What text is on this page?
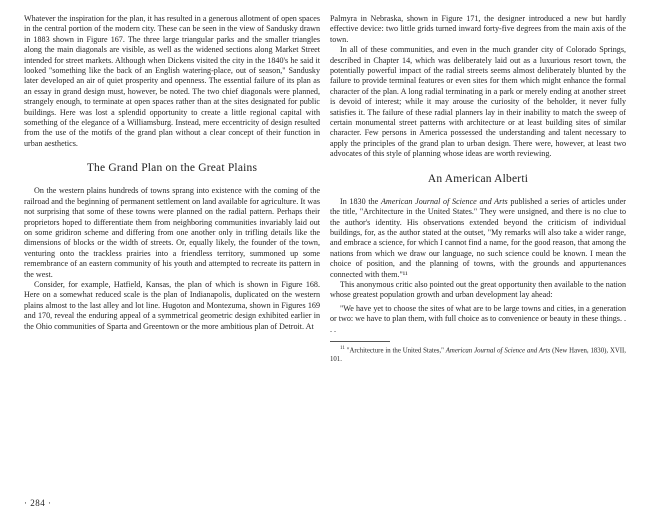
Whatever the inspiration for the plan, it has resulted in a generous allotment of open spaces in the central portion of the modern city. These can be seen in the view of Sandusky drawn in 1883 shown in Figure 167. The three large triangular parks and the smaller triangles along the main diagonals are visible, as well as the widened sections along Market Street intended for street markets. Although when Dickens visited the city in the 1840's he said it looked "something like the back of an English watering-place, out of season," Sandusky later developed an air of quiet prosperity and openness. The essential failure of its plan as an essay in grand design must, however, be noted. The two chief diagonals were planned, strangely enough, to terminate at open spaces rather than at the sites designated for public buildings. Here was lost a splendid opportunity to create a little regional capital with something of the elegance of a Williamsburg. Instead, mere eccentricity of design resulted from the use of the motifs of the grand plan without a clear concept of their function in urban aesthetics.

The Grand Plan on the Great Plains

On the western plains hundreds of towns sprang into existence with the coming of the railroad and the beginning of permanent settlement on land available for agriculture. It was not surprising that some of these towns were planned on the radial pattern. Perhaps their proprietors hoped to differentiate them from neighboring communities invariably laid out on some gridiron scheme and differing from one another only in trifling details like the dimensions of blocks or the width of streets. Or, equally likely, the founder of the town, venturing onto the trackless prairies into a friendless territory, summoned up some remembrance of an eastern community of his youth and attempted to recreate its pattern in the west.

Consider, for example, Hatfield, Kansas, the plan of which is shown in Figure 168. Here on a somewhat reduced scale is the plan of Indianapolis, duplicated on the western plains almost to the last alley and lot line. Hugoton and Montezuma, shown in Figures 169 and 170, reveal the enduring appeal of a symmetrical geometric design exhibited earlier in the Ohio communities of Sparta and Greentown or the more ambitious plan of Detroit. At

Palmyra in Nebraska, shown in Figure 171, the designer introduced a new but hardly effective device: two little grids turned inward forty-five degrees from the main axis of the town.

In all of these communities, and even in the much grander city of Colorado Springs, described in Chapter 14, which was deliberately laid out as a luxurious resort town, the potentially powerful impact of the radial streets seems almost deliberately blunted by the failure to provide terminal features or even sites for them which might enhance the formal character of the plan. A long radial terminating in a park or merely ending at another street is devoid of interest; while it may arouse the curiosity of the beholder, it never fully satisfies it. The failure of these radial planners lay in their inability to match the sweep of certain monumental street patterns with architecture or at least building sites of similar character. Few persons in America possessed the understanding and talent necessary to apply the principles of the grand plan to urban design. There were, however, at least two advocates of this style of planning whose ideas are worth reviewing.

An American Alberti

In 1830 the American Journal of Science and Arts published a series of articles under the title, "Architecture in the United States." They were unsigned, and there is no clue to the author's identity. His observations extended beyond the criticism of individual buildings, for, as the author stated at the outset, "My remarks will also take a wider range, and embrace a science, for which I cannot find a name, for the good reason, that among the nations from which we draw our language, no such science could be known. I mean the choice of position, and the planning of towns, with the grounds and appurtenances connected with them."¹¹

This anonymous critic also pointed out the great opportunity then available to the nation whose greatest population growth and urban development lay ahead:

"We have yet to choose the sites of what are to be large towns and cities, in a generation or two: we have to plan them, with full choice as to convenience or beauty in these things. . . .

$^{11}$ "Architecture in the United States," American Journal of Science and Arts (New Haven, 1830), XVII, 101.

· 284 ·
